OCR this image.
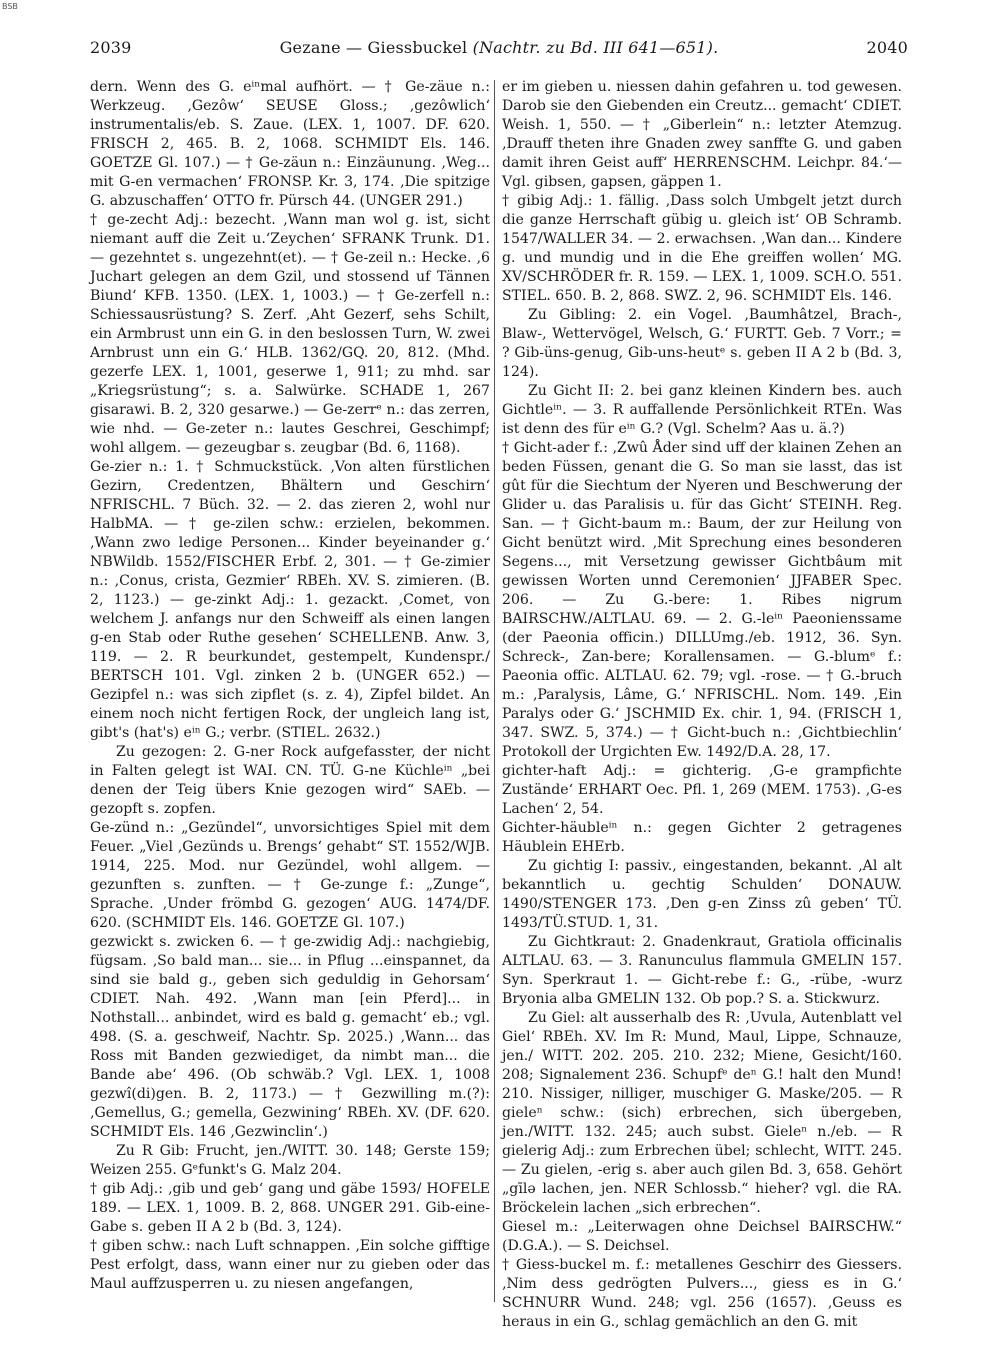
BSB
2039	Gezane — Giessbuckel (Nachtr. zu Bd. III 641—651).	2040

dern. Wenn des G. eⁱⁿmal aufhört. — † Ge-zäue n.: Werkzeug. ‚Gezôw‘ SEUSE Gloss.; ‚gezôwlich‘ instrumentalis/eb. S. Zaue. (LEX. 1, 1007. DF. 620. FRISCH 2, 465. B. 2, 1068. SCHMIDT Els. 146. GOETZE Gl. 107.) — † Ge-zäun n.: Einzäunung. ‚Weg... mit G-en vermachen‘ FRONSP. Kr. 3, 174. ‚Die spitzige G. abzuschaffen‘ OTTO fr. Pürsch 44. (UNGER 291.)

† ge-zecht Adj.: bezecht. ‚Wann man wol g. ist, sicht niemant auff die Zeit u.‘Zeychen‘ SFRANK Trunk. D1. — gezehntet s. ungezehnt(et). — † Ge-zeil n.: Hecke. ‚6 Juchart gelegen an dem Gzil, und stossend uf Tännen Biund‘ KFB. 1350. (LEX. 1, 1003.) — † Ge-zerfell n.: Schiessausrüstung? S. Zerf. ‚Aht Gezerf, sehs Schilt, ein Armbrust unn ein G. in den beslossen Turn, W. zwei Arnbrust unn ein G.‘ HLB. 1362/GQ. 20, 812. (Mhd. gezerfe LEX. 1, 1001, geserwe 1, 911; zu mhd. sar „Kriegsrüstung“; s. a. Salwürke. SCHADE 1, 267 gisarawi. B. 2, 320 gesarwe.) — Ge-zerrᵉ n.: das zerren, wie nhd. — Ge-zeter n.: lautes Geschrei, Geschimpf; wohl allgem. — gezeugbar s. zeugbar (Bd. 6, 1168).

Ge-zier n.: 1. † Schmuckstück. ‚Von alten fürstlichen Gezirn, Credentzen, Bhältern und Geschirn‘ NFRISCHL. 7 Büch. 32. — 2. das zieren 2, wohl nur HalbMA. — † ge-zilen schw.: erzielen, bekommen. ‚Wann zwo ledige Personen... Kinder beyeinander g.‘ NBWildb. 1552/FISCHER Erbf. 2, 301. — † Ge-zimier n.: ‚Conus, crista, Gezmier‘ RBEh. XV. S. zimieren. (B. 2, 1123.) — ge-zinkt Adj.: 1. gezackt. ‚Comet, von welchem J. anfangs nur den Schweiff als einen langen g-en Stab oder Ruthe gesehen‘ SCHELLENB. Anw. 3, 119. — 2. R beurkundet, gestempelt, Kundenspr./ BERTSCH 101. Vgl. zinken 2 b. (UNGER 652.) — Gezipfel n.: was sich zipflet (s. z. 4), Zipfel bildet. An einem noch nicht fertigen Rock, der ungleich lang ist, gibt's (hat's) eⁱⁿ G.; verbr. (STIEL. 2632.)

Zu gezogen: 2. G-ner Rock aufgefasster, der nicht in Falten gelegt ist WAI. CN. TÜ. G-ne Küchleⁱⁿ „bei denen der Teig übers Knie gezogen wird“ SAEb. — gezopft s. zopfen.

Ge-zünd n.: „Gezündel“, unvorsichtiges Spiel mit dem Feuer. „Viel ‚Gezünds u. Brengs‘ gehabt“ ST. 1552/WJB. 1914, 225. Mod. nur Gezündel, wohl allgem. — gezunften s. zunften. — † Ge-zunge f.: „Zunge“, Sprache. ‚Under frömbd G. gezogen‘ AUG. 1474/DF. 620. (SCHMIDT Els. 146. GOETZE Gl. 107.)

gezwickt s. zwicken 6. — † ge-zwidig Adj.: nachgiebig, fügsam. ‚So bald man... sie... in Pflug ...einspannet, da sind sie bald g., geben sich geduldig in Gehorsam‘ CDIET. Nah. 492. ‚Wann man [ein Pferd]... in Nothstall... anbindet, wird es bald g. gemacht‘ eb.; vgl. 498. (S. a. geschweif, Nachtr. Sp. 2025.) ‚Wann... das Ross mit Banden gezwiediget, da nimbt man... die Bande abe‘ 496. (Ob schwäb.? Vgl. LEX. 1, 1008 gezwî(di)gen. B. 2, 1173.) — † Gezwilling m.(?): ‚Gemellus, G.; gemella, Gezwining‘ RBEh. XV. (DF. 620. SCHMIDT Els. 146 ‚Gezwinclin‘.)

Zu R Gib: Frucht, jen./WITT. 30. 148; Gerste 159; Weizen 255. Gᵉfunkt's G. Malz 204.

† gib Adj.: ‚gib und geb‘ gang und gäbe 1593/ HOFELE 189. — LEX. 1, 1009. B. 2, 868. UNGER 291. Gib-eine-Gabe s. geben II A 2 b (Bd. 3, 124).

† giben schw.: nach Luft schnappen. ‚Ein solche gifftige Pest erfolgt, dass, wann einer nur zu gieben oder das Maul auffzusperren u. zu niesen angefangen,

er im gieben u. niessen dahin gefahren u. tod gewesen. Darob sie den Giebenden ein Creutz... gemacht‘ CDIET. Weish. 1, 550. — † „Giberlein“ n.: letzter Atemzug. ‚Drauff theten ihre Gnaden zwey sanffte G. und gaben damit ihren Geist auff‘ HERRENSCHM. Leichpr. 84.‘— Vgl. gibsen, gapsen, gäppen 1.

† gibig Adj.: 1. fällig. ‚Dass solch Umbgelt jetzt durch die ganze Herrschaft gübig u. gleich ist‘ OB Schramb. 1547/WALLER 34. — 2. erwachsen. ‚Wan dan... Kindere g. und mundig und in die Ehe greiffen wollen‘ MG. XV/SCHRÖDER fr. R. 159. — LEX. 1, 1009. SCH.O. 551. STIEL. 650. B. 2, 868. SWZ. 2, 96. SCHMIDT Els. 146.

Zu Gibling: 2. ein Vogel. ‚Baumhâtzel, Brach-, Blaw-, Wettervögel, Welsch, G.‘ FURTT. Geb. 7 Vorr.; = ? Gib-üns-genug, Gib-uns-heutᵉ s. geben II A 2 b (Bd. 3, 124).

Zu Gicht II: 2. bei ganz kleinen Kindern bes. auch Gichtleⁱⁿ. — 3. R auffallende Persönlichkeit RTEn. Was ist denn des für eⁱⁿ G.? (Vgl. Schelm? Aas u. ä.?)

† Gicht-ader f.: ‚Zwû Åder sind uff der klainen Zehen an beden Füssen, genant die G. So man sie lasst, das ist gût für die Siechtum der Nyeren und Beschwerung der Glider u. das Paralisis u. für das Gicht‘ STEINH. Reg. San. — † Gicht-baum m.: Baum, der zur Heilung von Gicht benützt wird. ‚Mit Sprechung eines besonderen Segens..., mit Versetzung gewisser Gichtbâum mit gewissen Worten unnd Ceremonien‘ JJFABER Spec. 206. — Zu G.-bere: 1. Ribes nigrum BAIRSCHW./ALTLAU. 69. — 2. G.-leⁱⁿ Paeonienssame (der Paeonia officin.) DILLUmg./eb. 1912, 36. Syn. Schreck-, Zan-bere; Korallensamen. — G.-blumᵉ f.: Paeonia offic. ALTLAU. 62. 79; vgl. -rose. — † G.-bruch m.: ‚Paralysis, Lâme, G.‘ NFRISCHL. Nom. 149. ‚Ein Paralys oder G.‘ JSCHMID Ex. chir. 1, 94. (FRISCH 1, 347. SWZ. 5, 374.) — † Gicht-buch n.: ‚Gichtbiechlin‘ Protokoll der Urgichten Ew. 1492/D.A. 28, 17.

gichter-haft Adj.: = gichterig. ‚G-e grampfichte Zustände‘ ERHART Oec. Pfl. 1, 269 (MEM. 1753). ‚G-es Lachen‘ 2, 54.

Gichter-häubleⁱⁿ n.: gegen Gichter 2 getragenes Häublein EHErb.

Zu gichtig I: passiv., eingestanden, bekannt. ‚Al alt bekanntlich u. gechtig Schulden‘ DONAUW. 1490/STENGER 173. ‚Den g-en Zinss zû geben‘ TÜ. 1493/TÜ.STUD. 1, 31.

Zu Gichtkraut: 2. Gnadenkraut, Gratiola officinalis ALTLAU. 63. — 3. Ranunculus flammula GMELIN 157. Syn. Sperkraut 1. — Gicht-rebe f.: G., -rübe, -wurz Bryonia alba GMELIN 132. Ob pop.? S. a. Stickwurz.

Zu Giel: alt ausserhalb des R: ‚Uvula, Autenblatt vel Giel‘ RBEh. XV. Im R: Mund, Maul, Lippe, Schnauze, jen./ WITT. 202. 205. 210. 232; Miene, Gesicht/160. 208; Signalement 236. Schupfᵉ deⁿ G.! halt den Mund! 210. Nissiger, nilliger, muschiger G. Maske/205. — R gieleⁿ schw.: (sich) erbrechen, sich übergeben, jen./WITT. 132. 245; auch subst. Gieleⁿ n./eb. — R gielerig Adj.: zum Erbrechen übel; schlecht, WITT. 245. — Zu gielen, -erig s. aber auch gilen Bd. 3, 658. Gehört „gīlə lachen, jen. NER Schlossb.“ hieher? vgl. die RA. Bröckelein lachen „sich erbrechen“.

Giesel m.: „Leiterwagen ohne Deichsel BAIRSCHW.“ (D.G.A.). — S. Deichsel.

† Giess-buckel m. f.: metallenes Geschirr des Giessers. ‚Nim dess gedrögten Pulvers..., giess es in G.‘ SCHNURR Wund. 248; vgl. 256 (1657). ‚Geuss es heraus in ein G., schlag gemächlich an den G. mit
